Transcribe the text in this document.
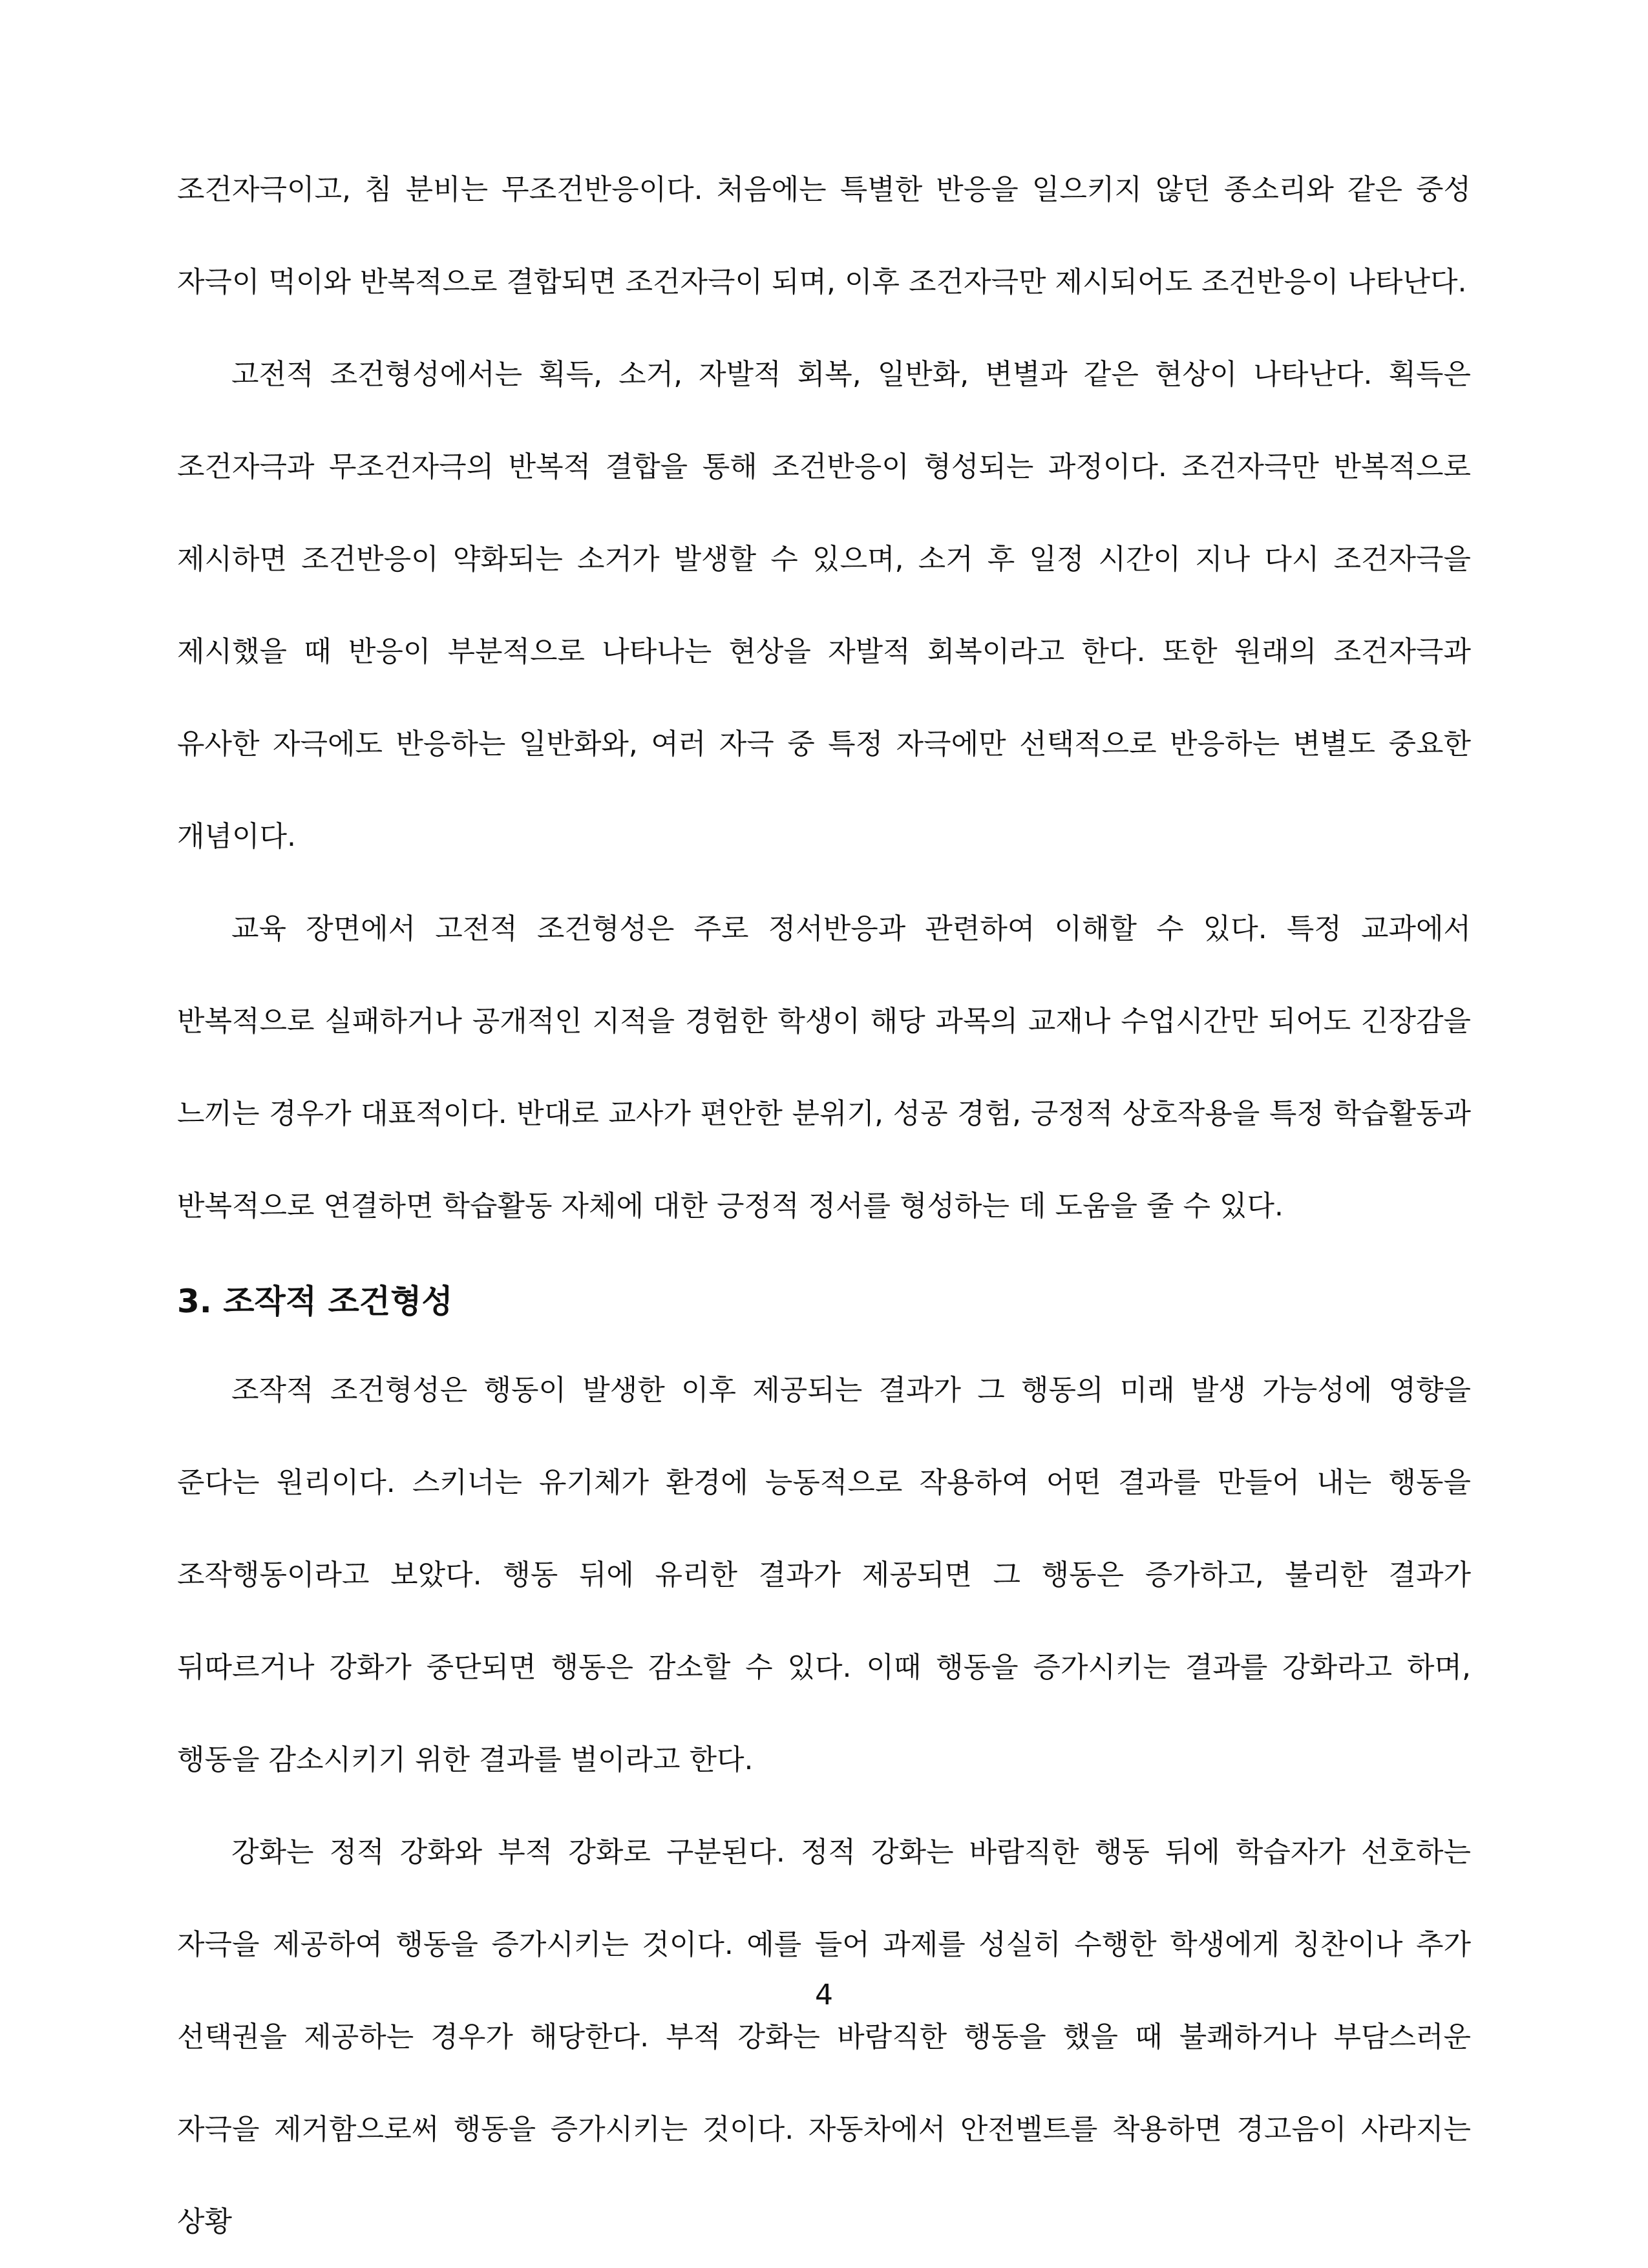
조건자극이고, 침 분비는 무조건반응이다. 처음에는 특별한 반응을 일으키지 않던 종소리와 같은 중성 자극이 먹이와 반복적으로 결합되면 조건자극이 되며, 이후 조건자극만 제시되어도 조건반응이 나타난다.

고전적 조건형성에서는 획득, 소거, 자발적 회복, 일반화, 변별과 같은 현상이 나타난다. 획득은 조건자극과 무조건자극의 반복적 결합을 통해 조건반응이 형성되는 과정이다. 조건자극만 반복적으로 제시하면 조건반응이 약화되는 소거가 발생할 수 있으며, 소거 후 일정 시간이 지나 다시 조건자극을 제시했을 때 반응이 부분적으로 나타나는 현상을 자발적 회복이라고 한다. 또한 원래의 조건자극과 유사한 자극에도 반응하는 일반화와, 여러 자극 중 특정 자극에만 선택적으로 반응하는 변별도 중요한 개념이다.

교육 장면에서 고전적 조건형성은 주로 정서반응과 관련하여 이해할 수 있다. 특정 교과에서 반복적으로 실패하거나 공개적인 지적을 경험한 학생이 해당 과목의 교재나 수업시간만 되어도 긴장감을 느끼는 경우가 대표적이다. 반대로 교사가 편안한 분위기, 성공 경험, 긍정적 상호작용을 특정 학습활동과 반복적으로 연결하면 학습활동 자체에 대한 긍정적 정서를 형성하는 데 도움을 줄 수 있다.

3. 조작적 조건형성

조작적 조건형성은 행동이 발생한 이후 제공되는 결과가 그 행동의 미래 발생 가능성에 영향을 준다는 원리이다. 스키너는 유기체가 환경에 능동적으로 작용하여 어떤 결과를 만들어 내는 행동을 조작행동이라고 보았다. 행동 뒤에 유리한 결과가 제공되면 그 행동은 증가하고, 불리한 결과가 뒤따르거나 강화가 중단되면 행동은 감소할 수 있다. 이때 행동을 증가시키는 결과를 강화라고 하며, 행동을 감소시키기 위한 결과를 벌이라고 한다.

강화는 정적 강화와 부적 강화로 구분된다. 정적 강화는 바람직한 행동 뒤에 학습자가 선호하는 자극을 제공하여 행동을 증가시키는 것이다. 예를 들어 과제를 성실히 수행한 학생에게 칭찬이나 추가 선택권을 제공하는 경우가 해당한다. 부적 강화는 바람직한 행동을 했을 때 불쾌하거나 부담스러운 자극을 제거함으로써 행동을 증가시키는 것이다. 자동차에서 안전벨트를 착용하면 경고음이 사라지는 상황

4
